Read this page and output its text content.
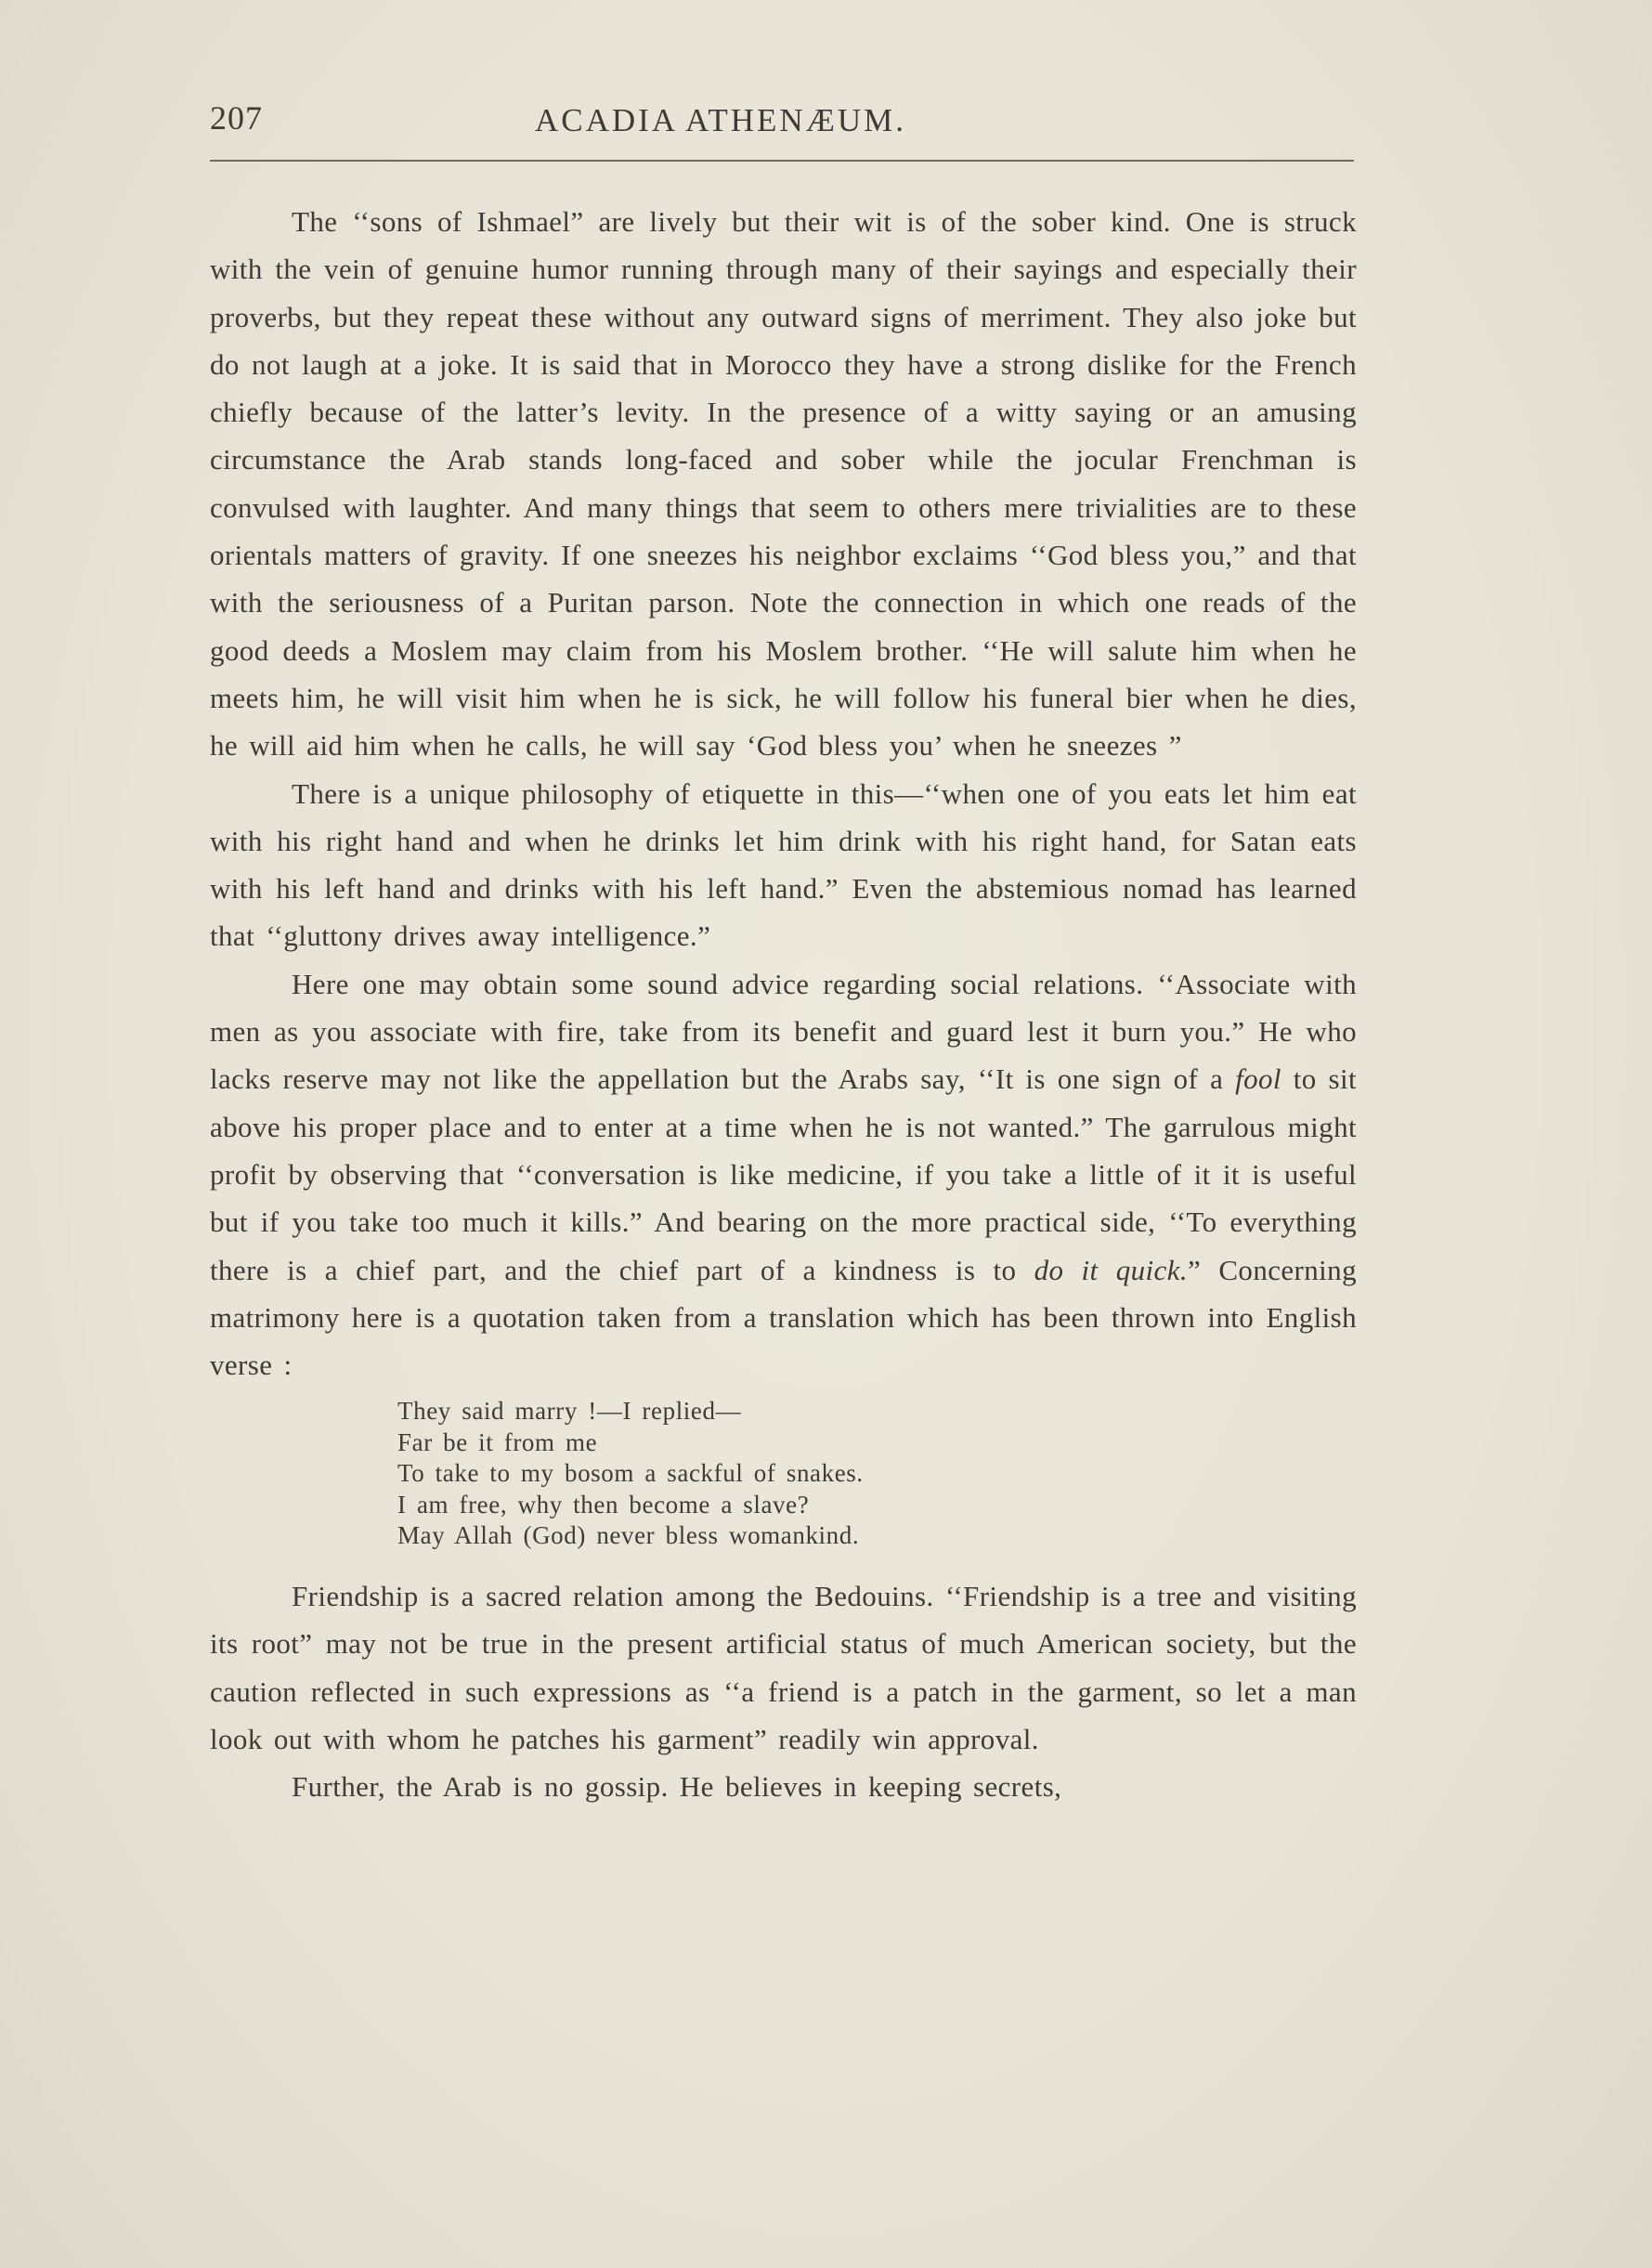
207	ACADIA ATHENÆUM.

The ‘‘sons of Ishmael” are lively but their wit is of the sober kind. One is struck with the vein of genuine humor running through many of their sayings and especially their proverbs, but they repeat these without any outward signs of merriment. They also joke but do not laugh at a joke. It is said that in Morocco they have a strong dislike for the French chiefly because of the latter’s levity. In the presence of a witty saying or an amusing circumstance the Arab stands long-faced and sober while the jocular Frenchman is convulsed with laughter. And many things that seem to others mere trivialities are to these orientals matters of gravity. If one sneezes his neighbor exclaims ‘‘God bless you,” and that with the seriousness of a Puritan parson. Note the connection in which one reads of the good deeds a Moslem may claim from his Moslem brother. ‘‘He will salute him when he meets him, he will visit him when he is sick, he will follow his funeral bier when he dies, he will aid him when he calls, he will say ‘God bless you’ when he sneezes ”

There is a unique philosophy of etiquette in this—‘‘when one of you eats let him eat with his right hand and when he drinks let him drink with his right hand, for Satan eats with his left hand and drinks with his left hand.” Even the abstemious nomad has learned that ‘‘gluttony drives away intelligence.”

Here one may obtain some sound advice regarding social relations. ‘‘Associate with men as you associate with fire, take from its benefit and guard lest it burn you.” He who lacks reserve may not like the appellation but the Arabs say, ‘‘It is one sign of a fool to sit above his proper place and to enter at a time when he is not wanted.” The garrulous might profit by observing that ‘‘conversation is like medicine, if you take a little of it it is useful but if you take too much it kills.” And bearing on the more practical side, ‘‘To everything there is a chief part, and the chief part of a kindness is to do it quick.” Concerning matrimony here is a quotation taken from a translation which has been thrown into English verse :

They said marry !—I replied—
Far be it from me
To take to my bosom a sackful of snakes.
I am free, why then become a slave?
May Allah (God) never bless womankind.

Friendship is a sacred relation among the Bedouins. ‘‘Friendship is a tree and visiting its root” may not be true in the present artificial status of much American society, but the caution reflected in such expressions as ‘‘a friend is a patch in the garment, so let a man look out with whom he patches his garment” readily win approval.

Further, the Arab is no gossip. He believes in keeping secrets,
